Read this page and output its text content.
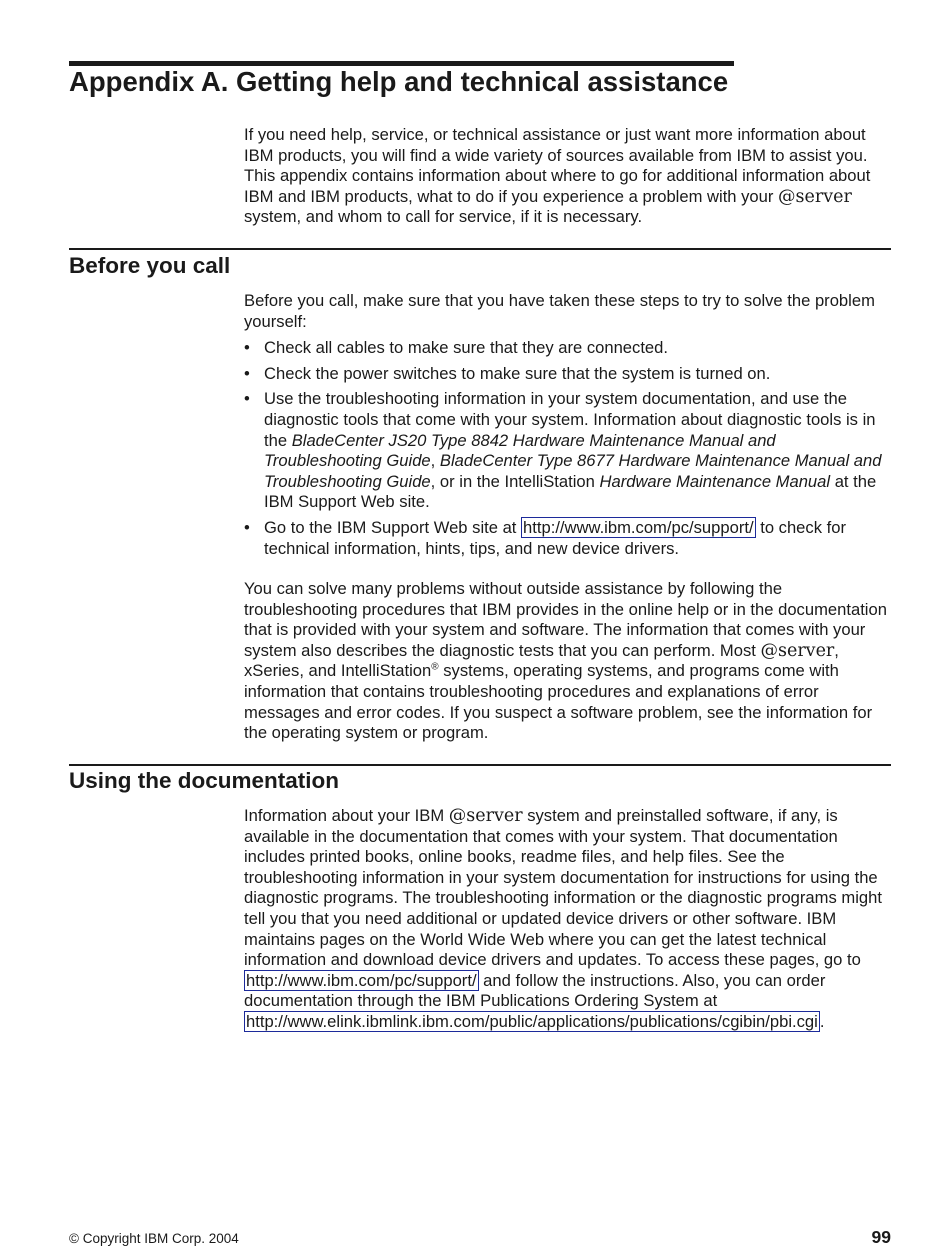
Appendix A. Getting help and technical assistance

If you need help, service, or technical assistance or just want more information about IBM products, you will find a wide variety of sources available from IBM to assist you. This appendix contains information about where to go for additional information about IBM and IBM products, what to do if you experience a problem with your @server system, and whom to call for service, if it is necessary.

Before you call

Before you call, make sure that you have taken these steps to try to solve the problem yourself:

• Check all cables to make sure that they are connected.
• Check the power switches to make sure that the system is turned on.
• Use the troubleshooting information in your system documentation, and use the diagnostic tools that come with your system. Information about diagnostic tools is in the BladeCenter JS20 Type 8842 Hardware Maintenance Manual and Troubleshooting Guide, BladeCenter Type 8677 Hardware Maintenance Manual and Troubleshooting Guide, or in the IntelliStation Hardware Maintenance Manual at the IBM Support Web site.
• Go to the IBM Support Web site at http://www.ibm.com/pc/support/ to check for technical information, hints, tips, and new device drivers.

You can solve many problems without outside assistance by following the troubleshooting procedures that IBM provides in the online help or in the documentation that is provided with your system and software. The information that comes with your system also describes the diagnostic tests that you can perform. Most @server, xSeries, and IntelliStation® systems, operating systems, and programs come with information that contains troubleshooting procedures and explanations of error messages and error codes. If you suspect a software problem, see the information for the operating system or program.

Using the documentation

Information about your IBM @server system and preinstalled software, if any, is available in the documentation that comes with your system. That documentation includes printed books, online books, readme files, and help files. See the troubleshooting information in your system documentation for instructions for using the diagnostic programs. The troubleshooting information or the diagnostic programs might tell you that you need additional or updated device drivers or other software. IBM maintains pages on the World Wide Web where you can get the latest technical information and download device drivers and updates. To access these pages, go to http://www.ibm.com/pc/support/ and follow the instructions. Also, you can order documentation through the IBM Publications Ordering System at http://www.elink.ibmlink.ibm.com/public/applications/publications/cgibin/pbi.cgi .

© Copyright IBM Corp. 2004	99
